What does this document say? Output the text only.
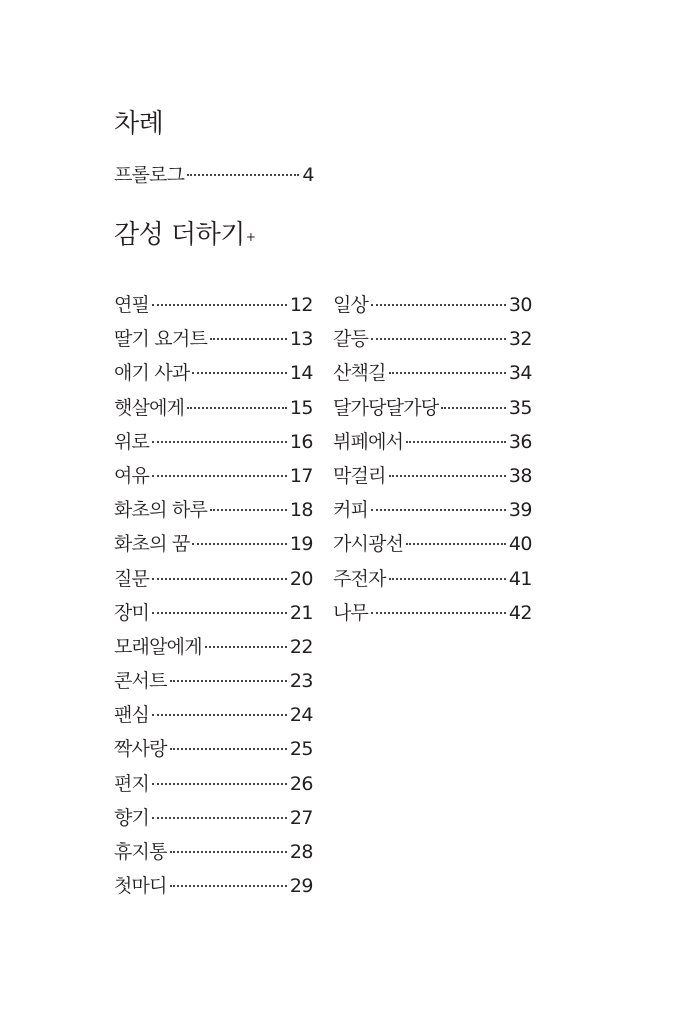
차례
프롤로그	4
감성 더하기+
연필	12
딸기 요거트	13
애기 사과	14
햇살에게	15
위로	16
여유	17
화초의 하루	18
화초의 꿈	19
질문	20
장미	21
모래알에게	22
콘서트	23
팬심	24
짝사랑	25
편지	26
향기	27
휴지통	28
첫마디	29
일상	30
갈등	32
산책길	34
달가당달가당	35
뷔페에서	36
막걸리	38
커피	39
가시광선	40
주전자	41
나무	42
